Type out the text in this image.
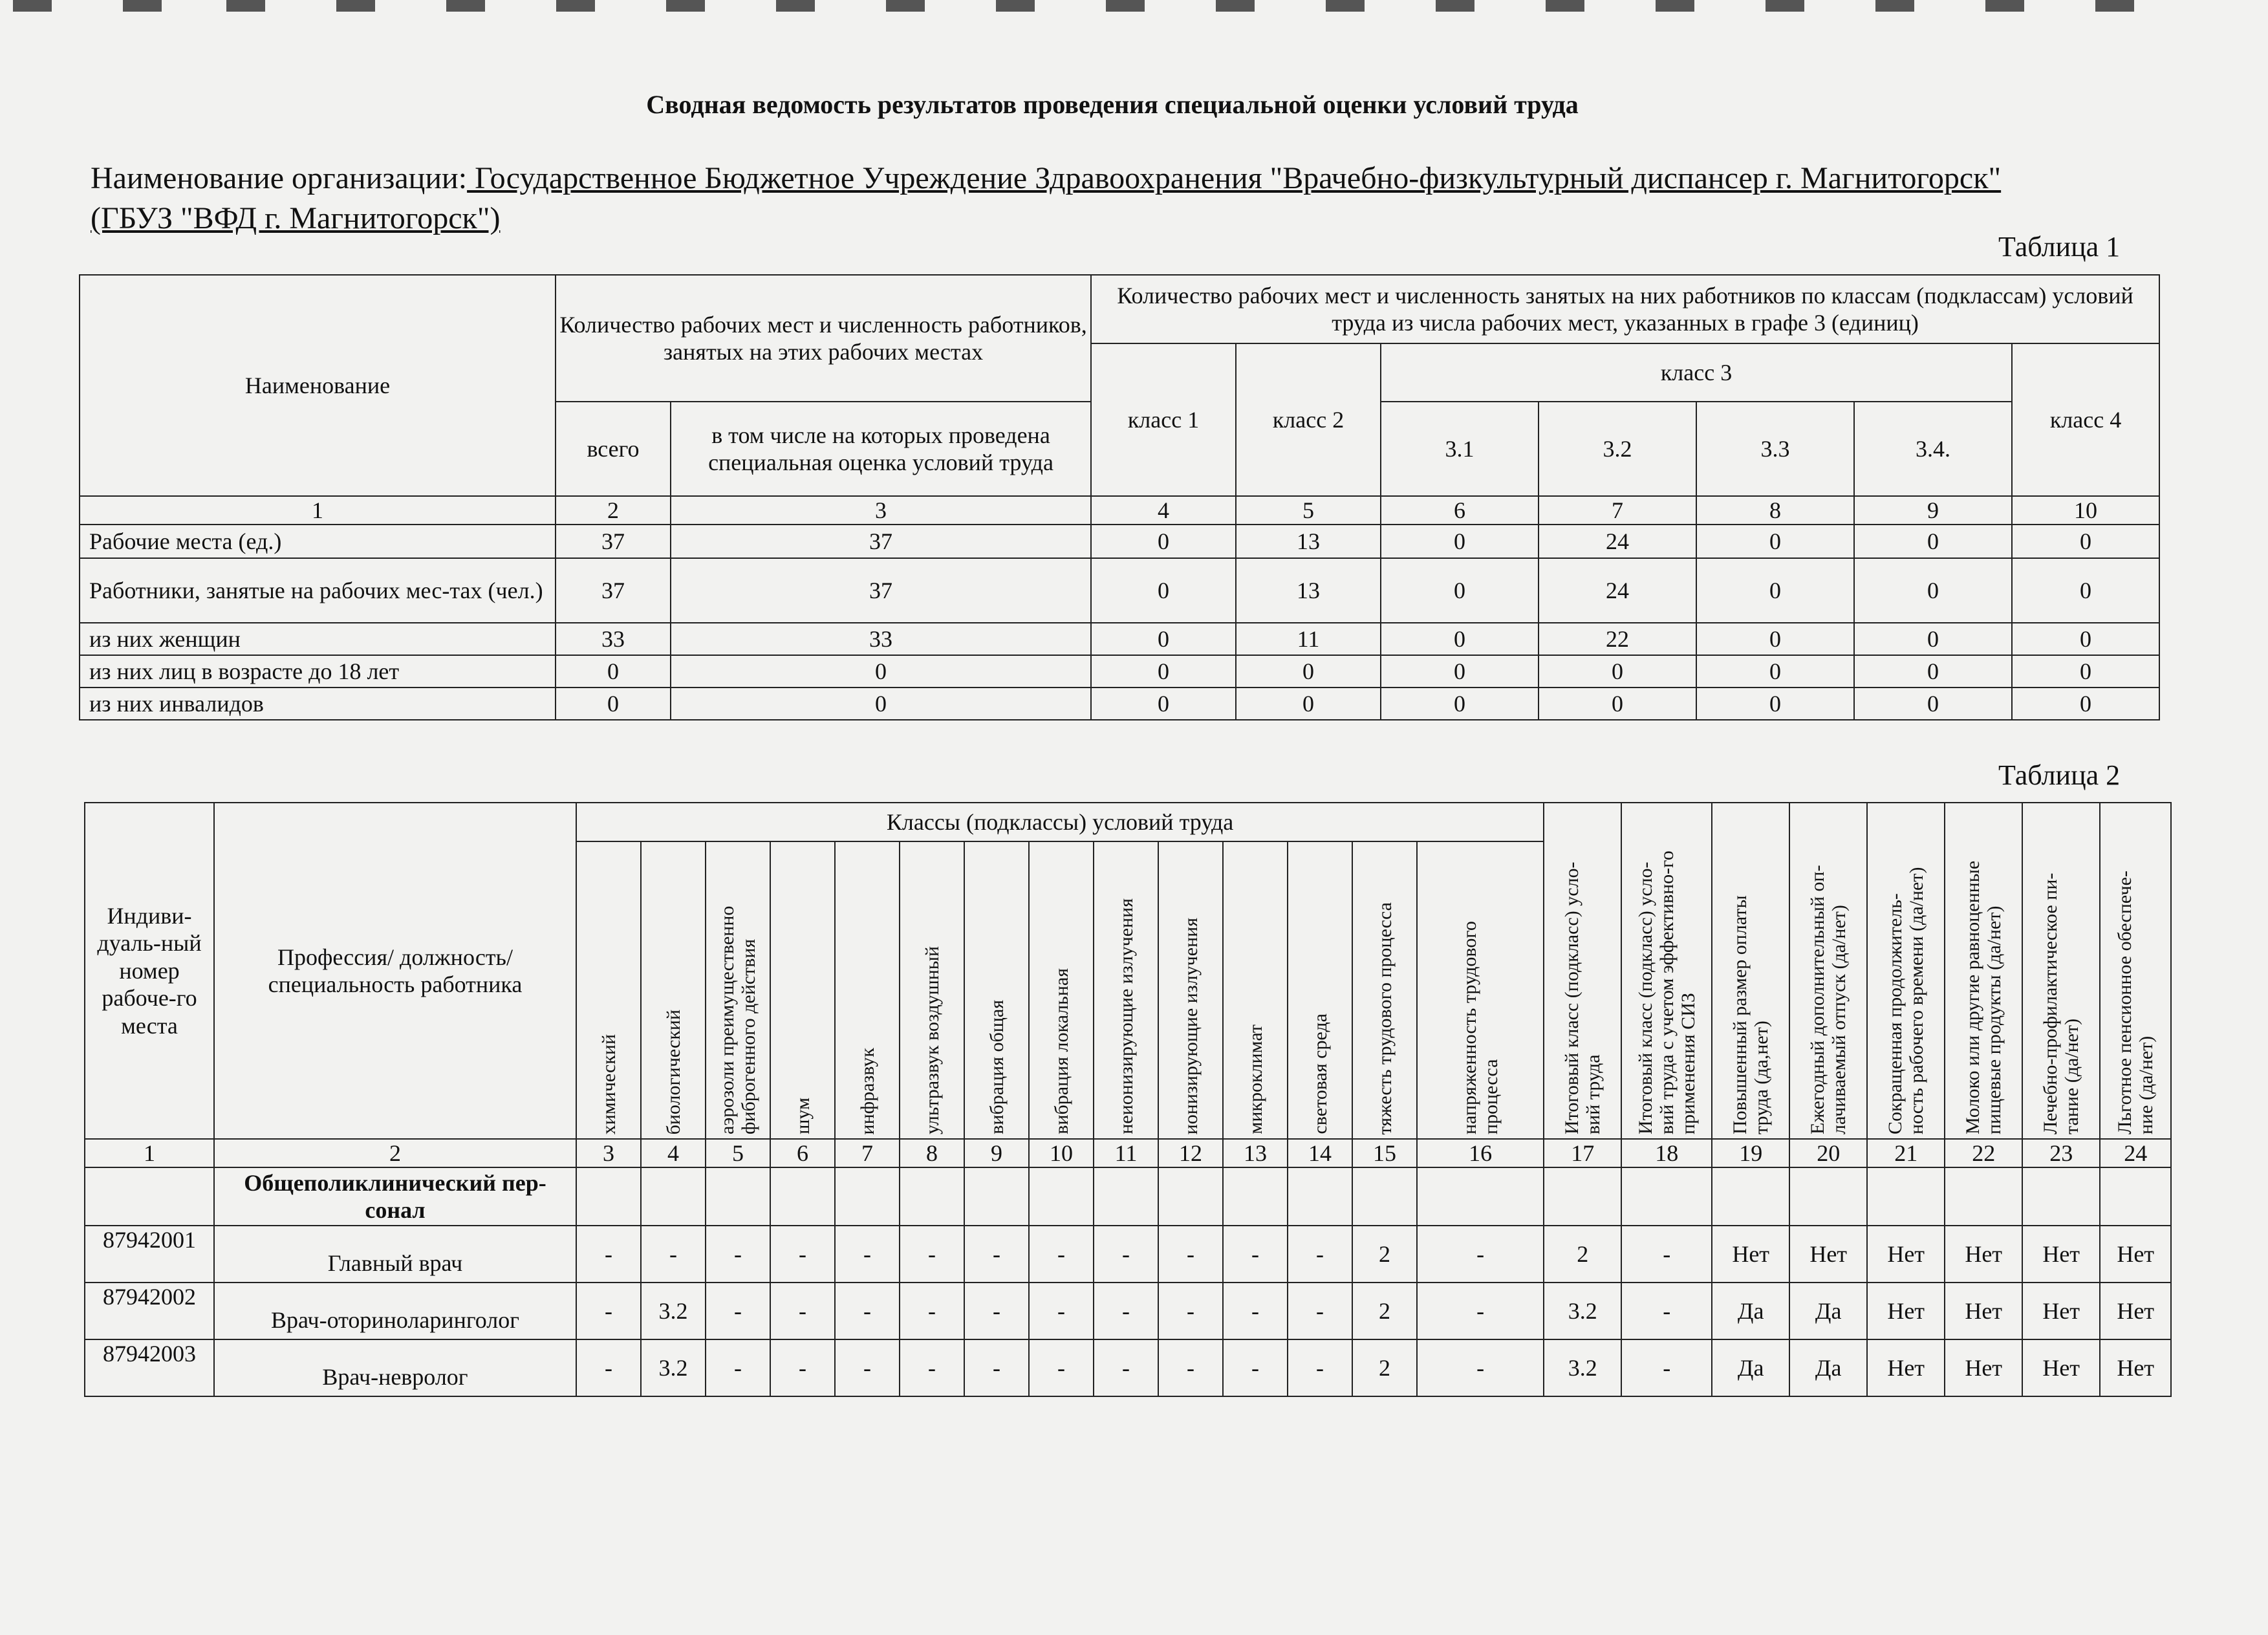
Сводная ведомость результатов проведения специальной оценки условий труда
Наименование организации: Государственное Бюджетное Учреждение Здравоохранения "Врачебно-физкультурный диспансер г. Магнитогорск"
(ГБУЗ "ВФД г. Магнитогорск")
Таблица 1
Наименование	Количество рабочих мест и численность работников, занятых на этих рабочих местах		Количество рабочих мест и численность занятых на них работников по классам (подклассам) условий труда из числа рабочих мест, указанных в графе 3 (единиц)						
			класс 1	класс 2	класс 3				класс 4
	всего	в том числе на которых проведена специальная оценка условий труда			3.1	3.2	3.3	3.4.	
1	2	3	4	5	6	7	8	9	10
Рабочие места (ед.)	37	37	0	13	0	24	0	0	0
Работники, занятые на рабочих мес-тах (чел.)	37	37	0	13	0	24	0	0	0
из них женщин	33	33	0	11	0	22	0	0	0
из них лиц в возрасте до 18 лет	0	0	0	0	0	0	0	0	0
из них инвалидов	0	0	0	0	0	0	0	0	0
Таблица 2
Индиви-дуаль-ный номер рабоче-го места	Профессия/ должность/ специальность работника	Классы (подклассы) условий труда														Итоговый класс (подкласс) усло-вий труда	Итоговый класс (подкласс) усло-вий труда с учетом эффективно-го применения СИЗ	Повышенный размер оплаты труда (да,нет)	Ежегодный дополнительный оп-лачиваемый отпуск (да/нет)	Сокращенная продолжитель-ность рабочего времени (да/нет)	Молоко или другие равноценные пищевые продукты (да/нет)	Лечебно-профилактическое пи-тание (да/нет)	Льготное пенсионное обеспече-ние (да/нет)

		химический	биологический	аэрозоли преимущественно фиброгенного действия	шум	инфразвук	ультразвук воздушный	вибрация общая	вибрация локальная	неионизирующие излучения	ионизирующие излучения	микроклимат	световая среда	тяжесть трудового процесса	напряженность трудового процесса								

1	2	3	4	5	6	7	8	9	10	11	12	13	14	15	16	17	18	19	20	21	22	23	24
	Общеполиклинический пер-сонал																						
87942001	Главный врач	-	-	-	-	-	-	-	-	-	-	-	-	2	-	2	-	Нет	Нет	Нет	Нет	Нет	Нет
87942002	Врач-оториноларинголог	-	3.2	-	-	-	-	-	-	-	-	-	-	2	-	3.2	-	Да	Да	Нет	Нет	Нет	Нет
87942003	Врач-невролог	-	3.2	-	-	-	-	-	-	-	-	-	-	2	-	3.2	-	Да	Да	Нет	Нет	Нет	Нет
